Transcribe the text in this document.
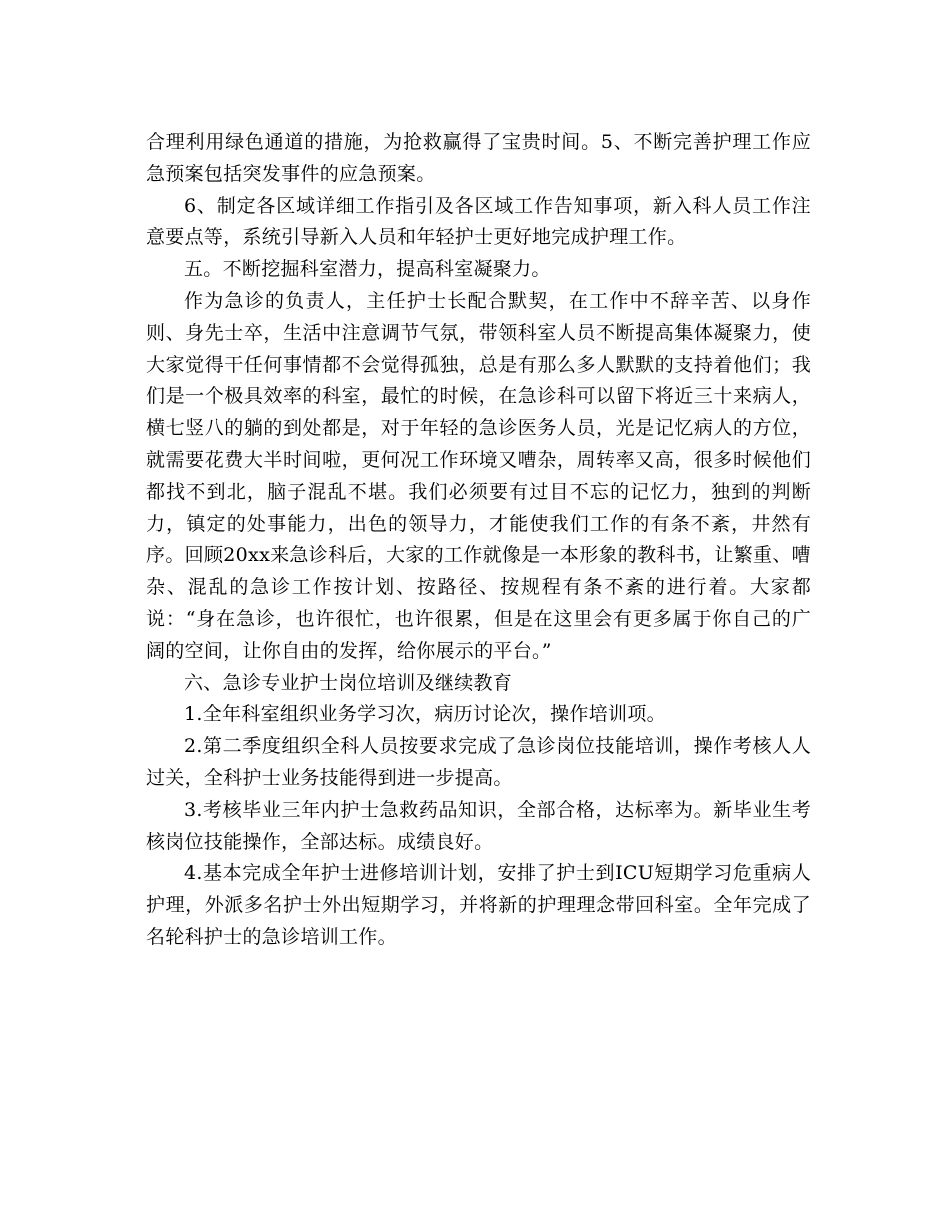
合理利用绿色通道的措施，为抢救赢得了宝贵时间。5、不断完善护理工作应急预案包括突发事件的应急预案。

6、制定各区域详细工作指引及各区域工作告知事项，新入科人员工作注意要点等，系统引导新入人员和年轻护士更好地完成护理工作。

五。不断挖掘科室潜力，提高科室凝聚力。

作为急诊的负责人，主任护士长配合默契，在工作中不辞辛苦、以身作则、身先士卒，生活中注意调节气氛，带领科室人员不断提高集体凝聚力，使大家觉得干任何事情都不会觉得孤独，总是有那么多人默默的支持着他们；我们是一个极具效率的科室，最忙的时候，在急诊科可以留下将近三十来病人，横七竖八的躺的到处都是，对于年轻的急诊医务人员，光是记忆病人的方位，就需要花费大半时间啦，更何况工作环境又嘈杂，周转率又高，很多时候他们都找不到北，脑子混乱不堪。我们必须要有过目不忘的记忆力，独到的判断力，镇定的处事能力，出色的领导力，才能使我们工作的有条不紊，井然有序。回顾20xx来急诊科后，大家的工作就像是一本形象的教科书，让繁重、嘈杂、混乱的急诊工作按计划、按路径、按规程有条不紊的进行着。大家都说：“身在急诊，也许很忙，也许很累，但是在这里会有更多属于你自己的广阔的空间，让你自由的发挥，给你展示的平台。”

六、急诊专业护士岗位培训及继续教育

1.全年科室组织业务学习次，病历讨论次，操作培训项。

2.第二季度组织全科人员按要求完成了急诊岗位技能培训，操作考核人人过关，全科护士业务技能得到进一步提高。

3.考核毕业三年内护士急救药品知识，全部合格，达标率为。新毕业生考核岗位技能操作，全部达标。成绩良好。

4.基本完成全年护士进修培训计划，安排了护士到ICU短期学习危重病人护理，外派多名护士外出短期学习，并将新的护理理念带回科室。全年完成了名轮科护士的急诊培训工作。
